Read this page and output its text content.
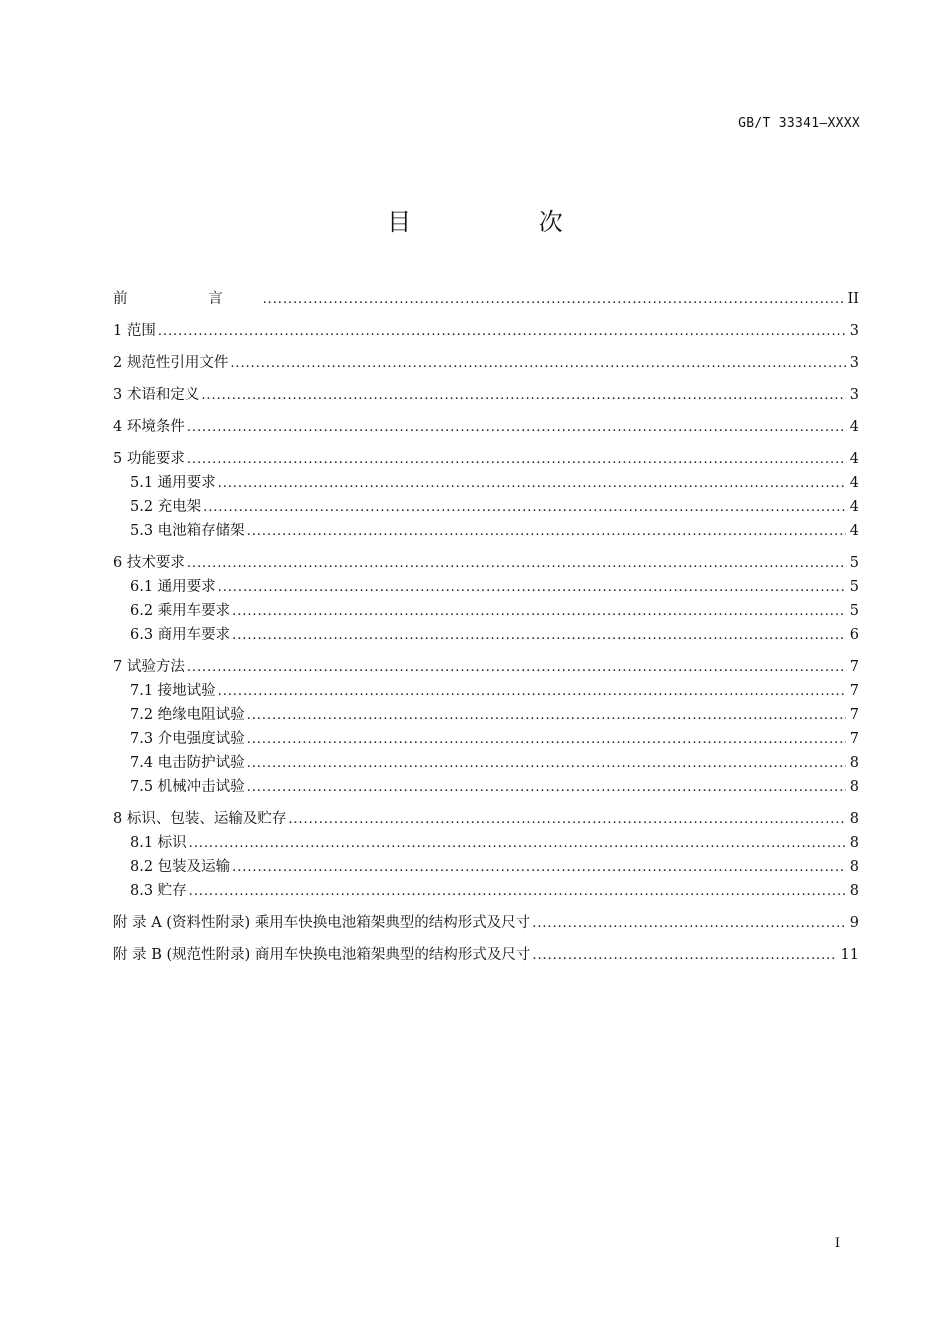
GB/T 33341—XXXX
目 次
前 言 . . .	II
1 范围 . . .	3
2 规范性引用文件 . . .	3
3 术语和定义 . . .	3
4 环境条件 . . .	4
5 功能要求 . . .	4
5.1 通用要求 . . .	4
5.2 充电架 . . .	4
5.3 电池箱存储架 . . .	4
6 技术要求 . . .	5
6.1 通用要求 . . .	5
6.2 乘用车要求 . . .	5
6.3 商用车要求 . . .	6
7 试验方法 . . .	7
7.1 接地试验 . . .	7
7.2 绝缘电阻试验 . . .	7
7.3 介电强度试验 . . .	7
7.4 电击防护试验 . . .	8
7.5 机械冲击试验 . . .	8
8 标识、包装、运输及贮存 . . .	8
8.1 标识 . . .	8
8.2 包装及运输 . . .	8
8.3 贮存 . . .	8
附 录 A (资料性附录) 乘用车快换电池箱架典型的结构形式及尺寸 . . .	9
附 录 B (规范性附录) 商用车快换电池箱架典型的结构形式及尺寸 . . .	11
I
